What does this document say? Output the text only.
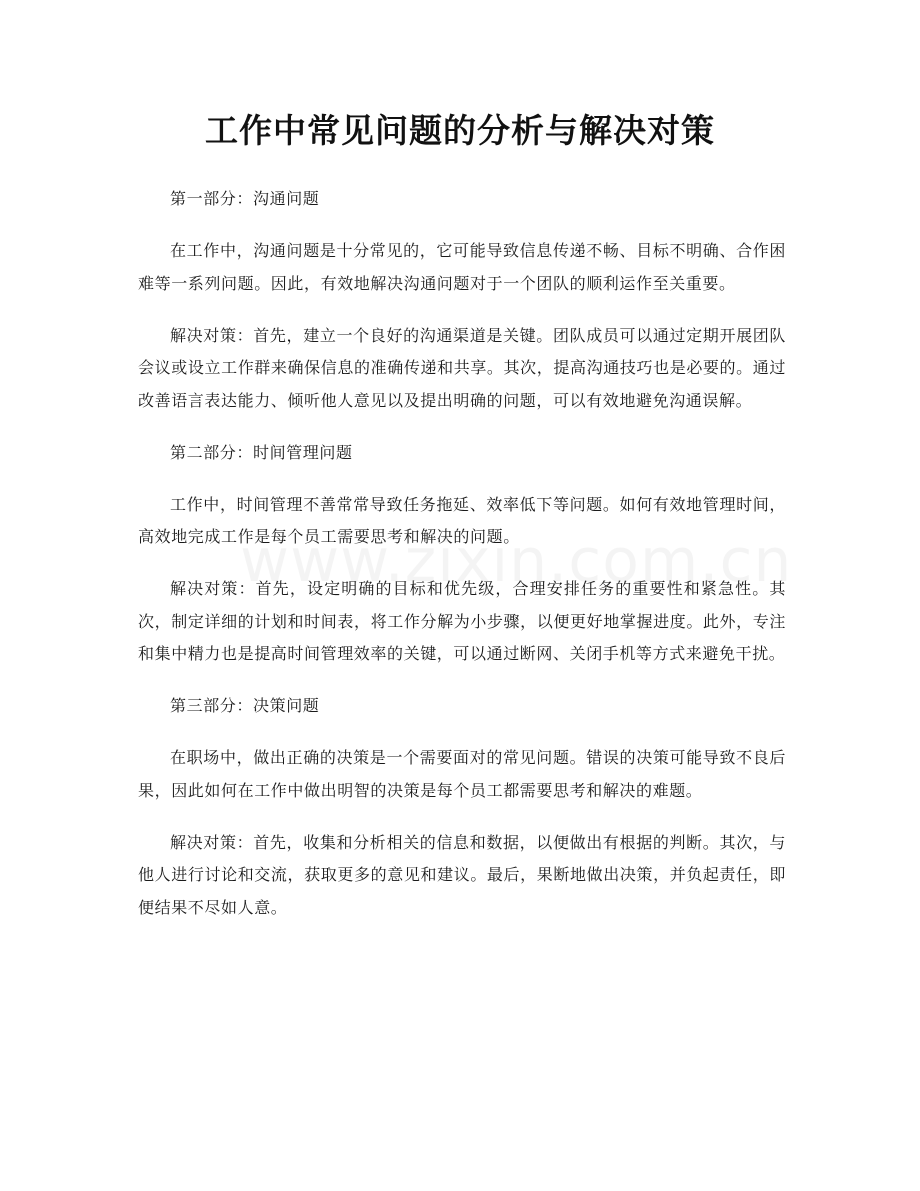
工作中常见问题的分析与解决对策

第一部分：沟通问题

在工作中，沟通问题是十分常见的，它可能导致信息传递不畅、目标不明确、合作困难等一系列问题。因此，有效地解决沟通问题对于一个团队的顺利运作至关重要。

解决对策：首先，建立一个良好的沟通渠道是关键。团队成员可以通过定期开展团队会议或设立工作群来确保信息的准确传递和共享。其次，提高沟通技巧也是必要的。通过改善语言表达能力、倾听他人意见以及提出明确的问题，可以有效地避免沟通误解。

第二部分：时间管理问题

工作中，时间管理不善常常导致任务拖延、效率低下等问题。如何有效地管理时间，高效地完成工作是每个员工需要思考和解决的问题。

解决对策：首先，设定明确的目标和优先级，合理安排任务的重要性和紧急性。其次，制定详细的计划和时间表，将工作分解为小步骤，以便更好地掌握进度。此外，专注和集中精力也是提高时间管理效率的关键，可以通过断网、关闭手机等方式来避免干扰。

第三部分：决策问题

在职场中，做出正确的决策是一个需要面对的常见问题。错误的决策可能导致不良后果，因此如何在工作中做出明智的决策是每个员工都需要思考和解决的难题。

解决对策：首先，收集和分析相关的信息和数据，以便做出有根据的判断。其次，与他人进行讨论和交流，获取更多的意见和建议。最后，果断地做出决策，并负起责任，即便结果不尽如人意。
